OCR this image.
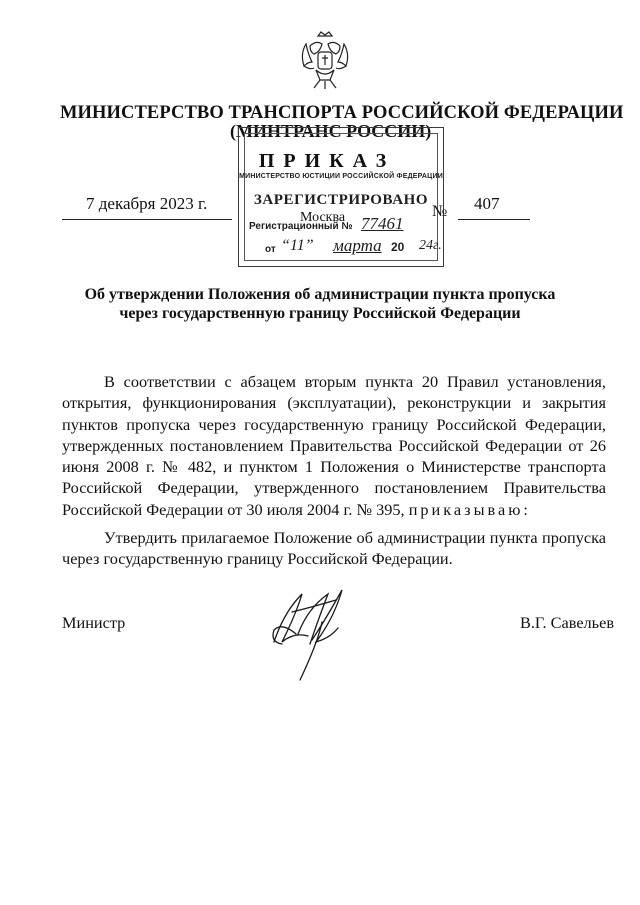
МИНИСТЕРСТВО ТРАНСПОРТА РОССИЙСКОЙ ФЕДЕРАЦИИ
(МИНТРАНС РОССИИ)
МИНИСТЕРСТВО ЮСТИЦИИ РОССИЙСКОЙ ФЕДЕРАЦИИ
ЗАРЕГИСТРИРОВАНО
Регистрационный № 77461
от “11” марта 20 24г.
ПРИКАЗ
7 декабря 2023 г.
Москва	№ 407
Об утверждении Положения об администрации пункта пропуска
через государственную границу Российской Федерации

В соответствии с абзацем вторым пункта 20 Правил установления, открытия, функционирования (эксплуатации), реконструкции и закрытия пунктов пропуска через государственную границу Российской Федерации, утвержденных постановлением Правительства Российской Федерации от 26 июня 2008 г. № 482, и пунктом 1 Положения о Министерстве транспорта Российской Федерации, утвержденного постановлением Правительства Российской Федерации от 30 июля 2004 г. № 395, приказываю:

Утвердить прилагаемое Положение об администрации пункта пропуска через государственную границу Российской Федерации.

Министр	В.Г. Савельев
